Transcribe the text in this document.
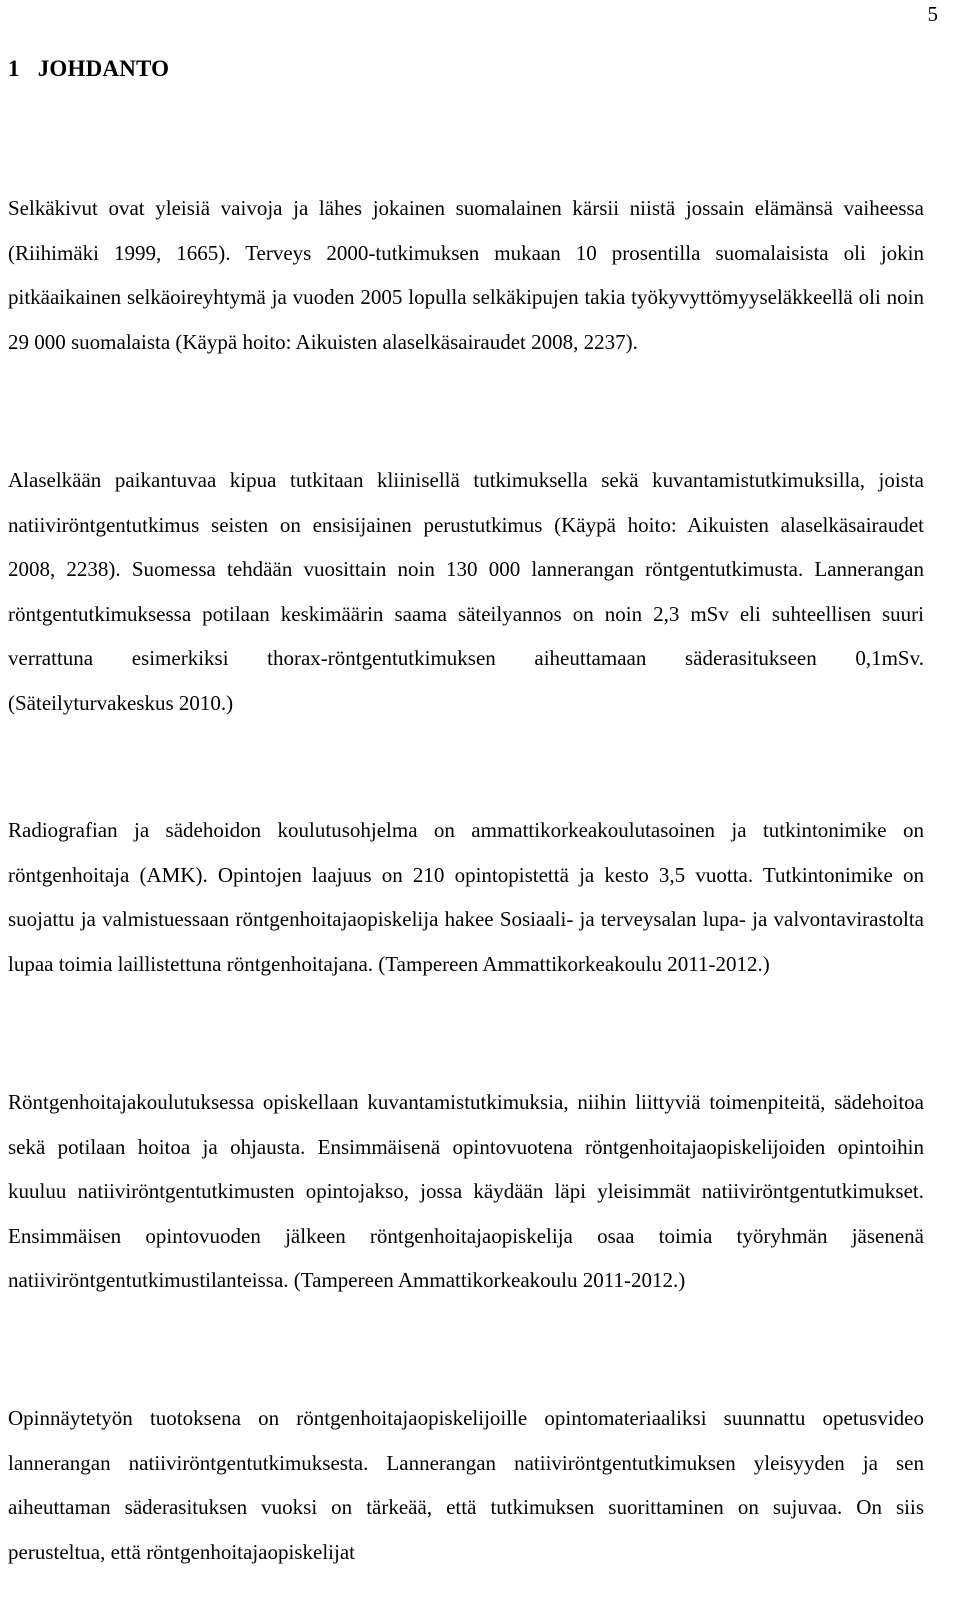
5
1 JOHDANTO

Selkäkivut ovat yleisiä vaivoja ja lähes jokainen suomalainen kärsii niistä jossain elämänsä vaiheessa (Riihimäki 1999, 1665). Terveys 2000-tutkimuksen mukaan 10 prosentilla suomalaisista oli jokin pitkäaikainen selkäoireyhtymä ja vuoden 2005 lopulla selkäkipujen takia työkyvyttömyyseläkkeellä oli noin 29 000 suomalaista (Käypä hoito: Aikuisten alaselkäsairaudet 2008, 2237).

Alaselkään paikantuvaa kipua tutkitaan kliinisellä tutkimuksella sekä kuvantamistutkimuksilla, joista natiiviröntgentutkimus seisten on ensisijainen perustutkimus (Käypä hoito: Aikuisten alaselkäsairaudet 2008, 2238). Suomessa tehdään vuosittain noin 130 000 lannerangan röntgentutkimusta. Lannerangan röntgentutkimuksessa potilaan keskimäärin saama säteilyannos on noin 2,3 mSv eli suhteellisen suuri verrattuna esimerkiksi thorax-röntgentutkimuksen aiheuttamaan säderasitukseen 0,1mSv. (Säteilyturvakeskus 2010.)

Radiografian ja sädehoidon koulutusohjelma on ammattikorkeakoulutasoinen ja tutkintonimike on röntgenhoitaja (AMK). Opintojen laajuus on 210 opintopistettä ja kesto 3,5 vuotta. Tutkintonimike on suojattu ja valmistuessaan röntgenhoitajaopiskelija hakee Sosiaali- ja terveysalan lupa- ja valvontavirastolta lupaa toimia laillistettuna röntgenhoitajana. (Tampereen Ammattikorkeakoulu 2011-2012.)

Röntgenhoitajakoulutuksessa opiskellaan kuvantamistutkimuksia, niihin liittyviä toimenpiteitä, sädehoitoa sekä potilaan hoitoa ja ohjausta. Ensimmäisenä opintovuotena röntgenhoitajaopiskelijoiden opintoihin kuuluu natiiviröntgentutkimusten opintojakso, jossa käydään läpi yleisimmät natiiviröntgentutkimukset. Ensimmäisen opintovuoden jälkeen röntgenhoitajaopiskelija osaa toimia työryhmän jäsenenä natiiviröntgentutkimustilanteissa. (Tampereen Ammattikorkeakoulu 2011-2012.)

Opinnäytetyön tuotoksena on röntgenhoitajaopiskelijoille opintomateriaaliksi suunnattu opetusvideo lannerangan natiiviröntgentutkimuksesta. Lannerangan natiiviröntgentutkimuksen yleisyyden ja sen aiheuttaman säderasituksen vuoksi on tärkeää, että tutkimuksen suorittaminen on sujuvaa. On siis perusteltua, että röntgenhoitajaopiskelijat
